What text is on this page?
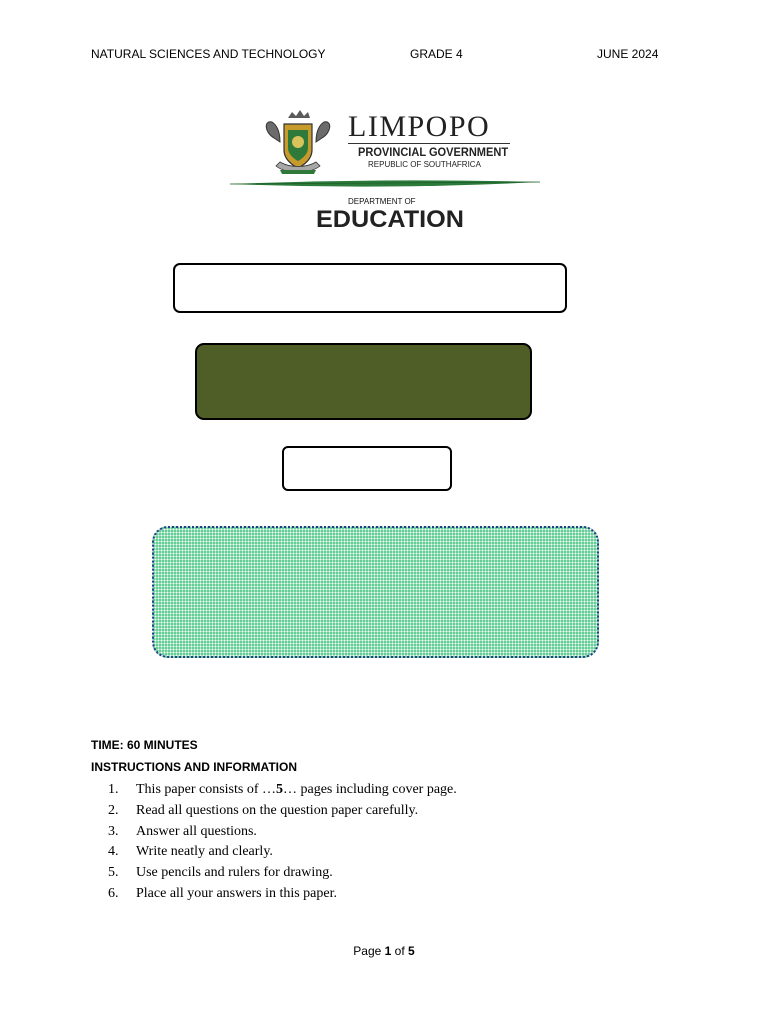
NATURAL SCIENCES AND TECHNOLOGY	GRADE 4	JUNE 2024
LIMPOPO
PROVINCIAL GOVERNMENT
REPUBLIC OF SOUTHAFRICA
DEPARTMENT OF
EDUCATION
TIME: 60 MINUTES
INSTRUCTIONS AND INFORMATION
1. This paper consists of …5… pages including cover page.
2. Read all questions on the question paper carefully.
3. Answer all questions.
4. Write neatly and clearly.
5. Use pencils and rulers for drawing.
6. Place all your answers in this paper.
Page 1 of 5
